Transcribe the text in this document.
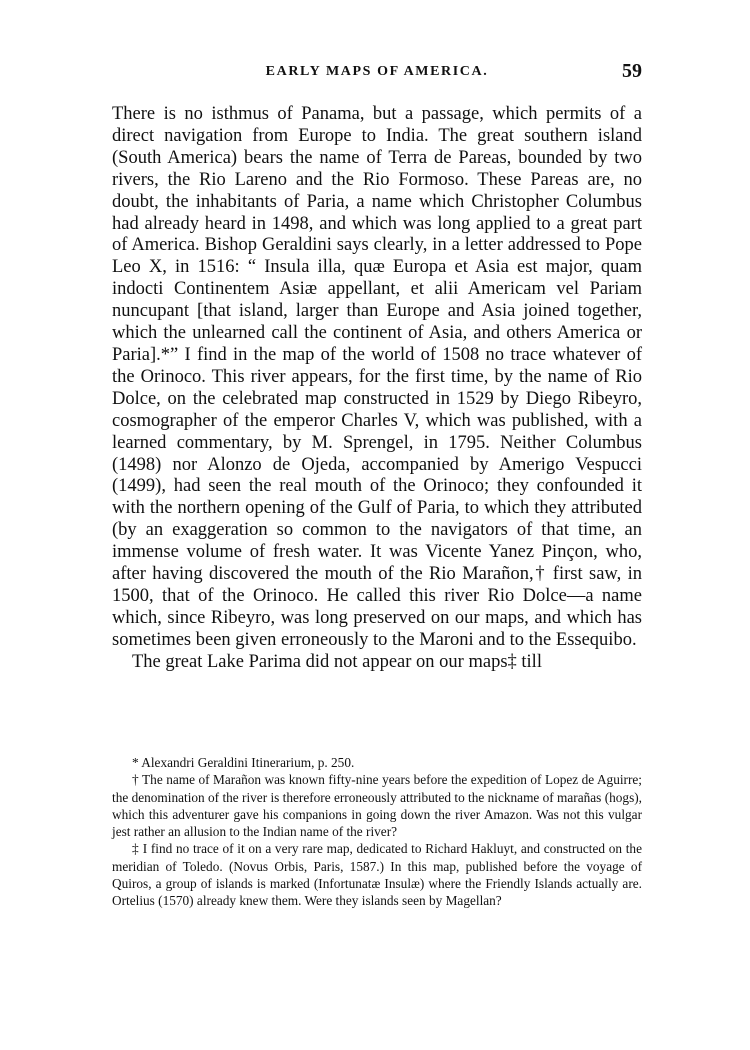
EARLY MAPS OF AMERICA.	59

There is no isthmus of Panama, but a passage, which permits of a direct navigation from Europe to India. The great southern island (South America) bears the name of Terra de Pareas, bounded by two rivers, the Rio Lareno and the Rio Formoso. These Pareas are, no doubt, the inhabitants of Paria, a name which Christopher Columbus had already heard in 1498, and which was long applied to a great part of America. Bishop Geraldini says clearly, in a letter addressed to Pope Leo X, in 1516: “ Insula illa, quæ Europa et Asia est major, quam indocti Continentem Asiæ appellant, et alii Americam vel Pariam nuncupant [that island, larger than Europe and Asia joined together, which the unlearned call the continent of Asia, and others America or Paria].*” I find in the map of the world of 1508 no trace whatever of the Orinoco. This river appears, for the first time, by the name of Rio Dolce, on the celebrated map constructed in 1529 by Diego Ribeyro, cosmographer of the emperor Charles V, which was published, with a learned commentary, by M. Sprengel, in 1795. Neither Columbus (1498) nor Alonzo de Ojeda, accompanied by Amerigo Vespucci (1499), had seen the real mouth of the Orinoco; they confounded it with the northern opening of the Gulf of Paria, to which they attributed (by an exaggeration so common to the navigators of that time, an immense volume of fresh water. It was Vicente Yanez Pinçon, who, after having discovered the mouth of the Rio Marañon,† first saw, in 1500, that of the Orinoco. He called this river Rio Dolce—a name which, since Ribeyro, was long preserved on our maps, and which has sometimes been given erroneously to the Maroni and to the Essequibo.

The great Lake Parima did not appear on our maps‡ till

* Alexandri Geraldini Itinerarium, p. 250.

† The name of Marañon was known fifty-nine years before the expedition of Lopez de Aguirre; the denomination of the river is therefore erroneously attributed to the nickname of marañas (hogs), which this adventurer gave his companions in going down the river Amazon. Was not this vulgar jest rather an allusion to the Indian name of the river?

‡ I find no trace of it on a very rare map, dedicated to Richard Hakluyt, and constructed on the meridian of Toledo. (Novus Orbis, Paris, 1587.) In this map, published before the voyage of Quiros, a group of islands is marked (Infortunatæ Insulæ) where the Friendly Islands actually are. Ortelius (1570) already knew them. Were they islands seen by Magellan?
